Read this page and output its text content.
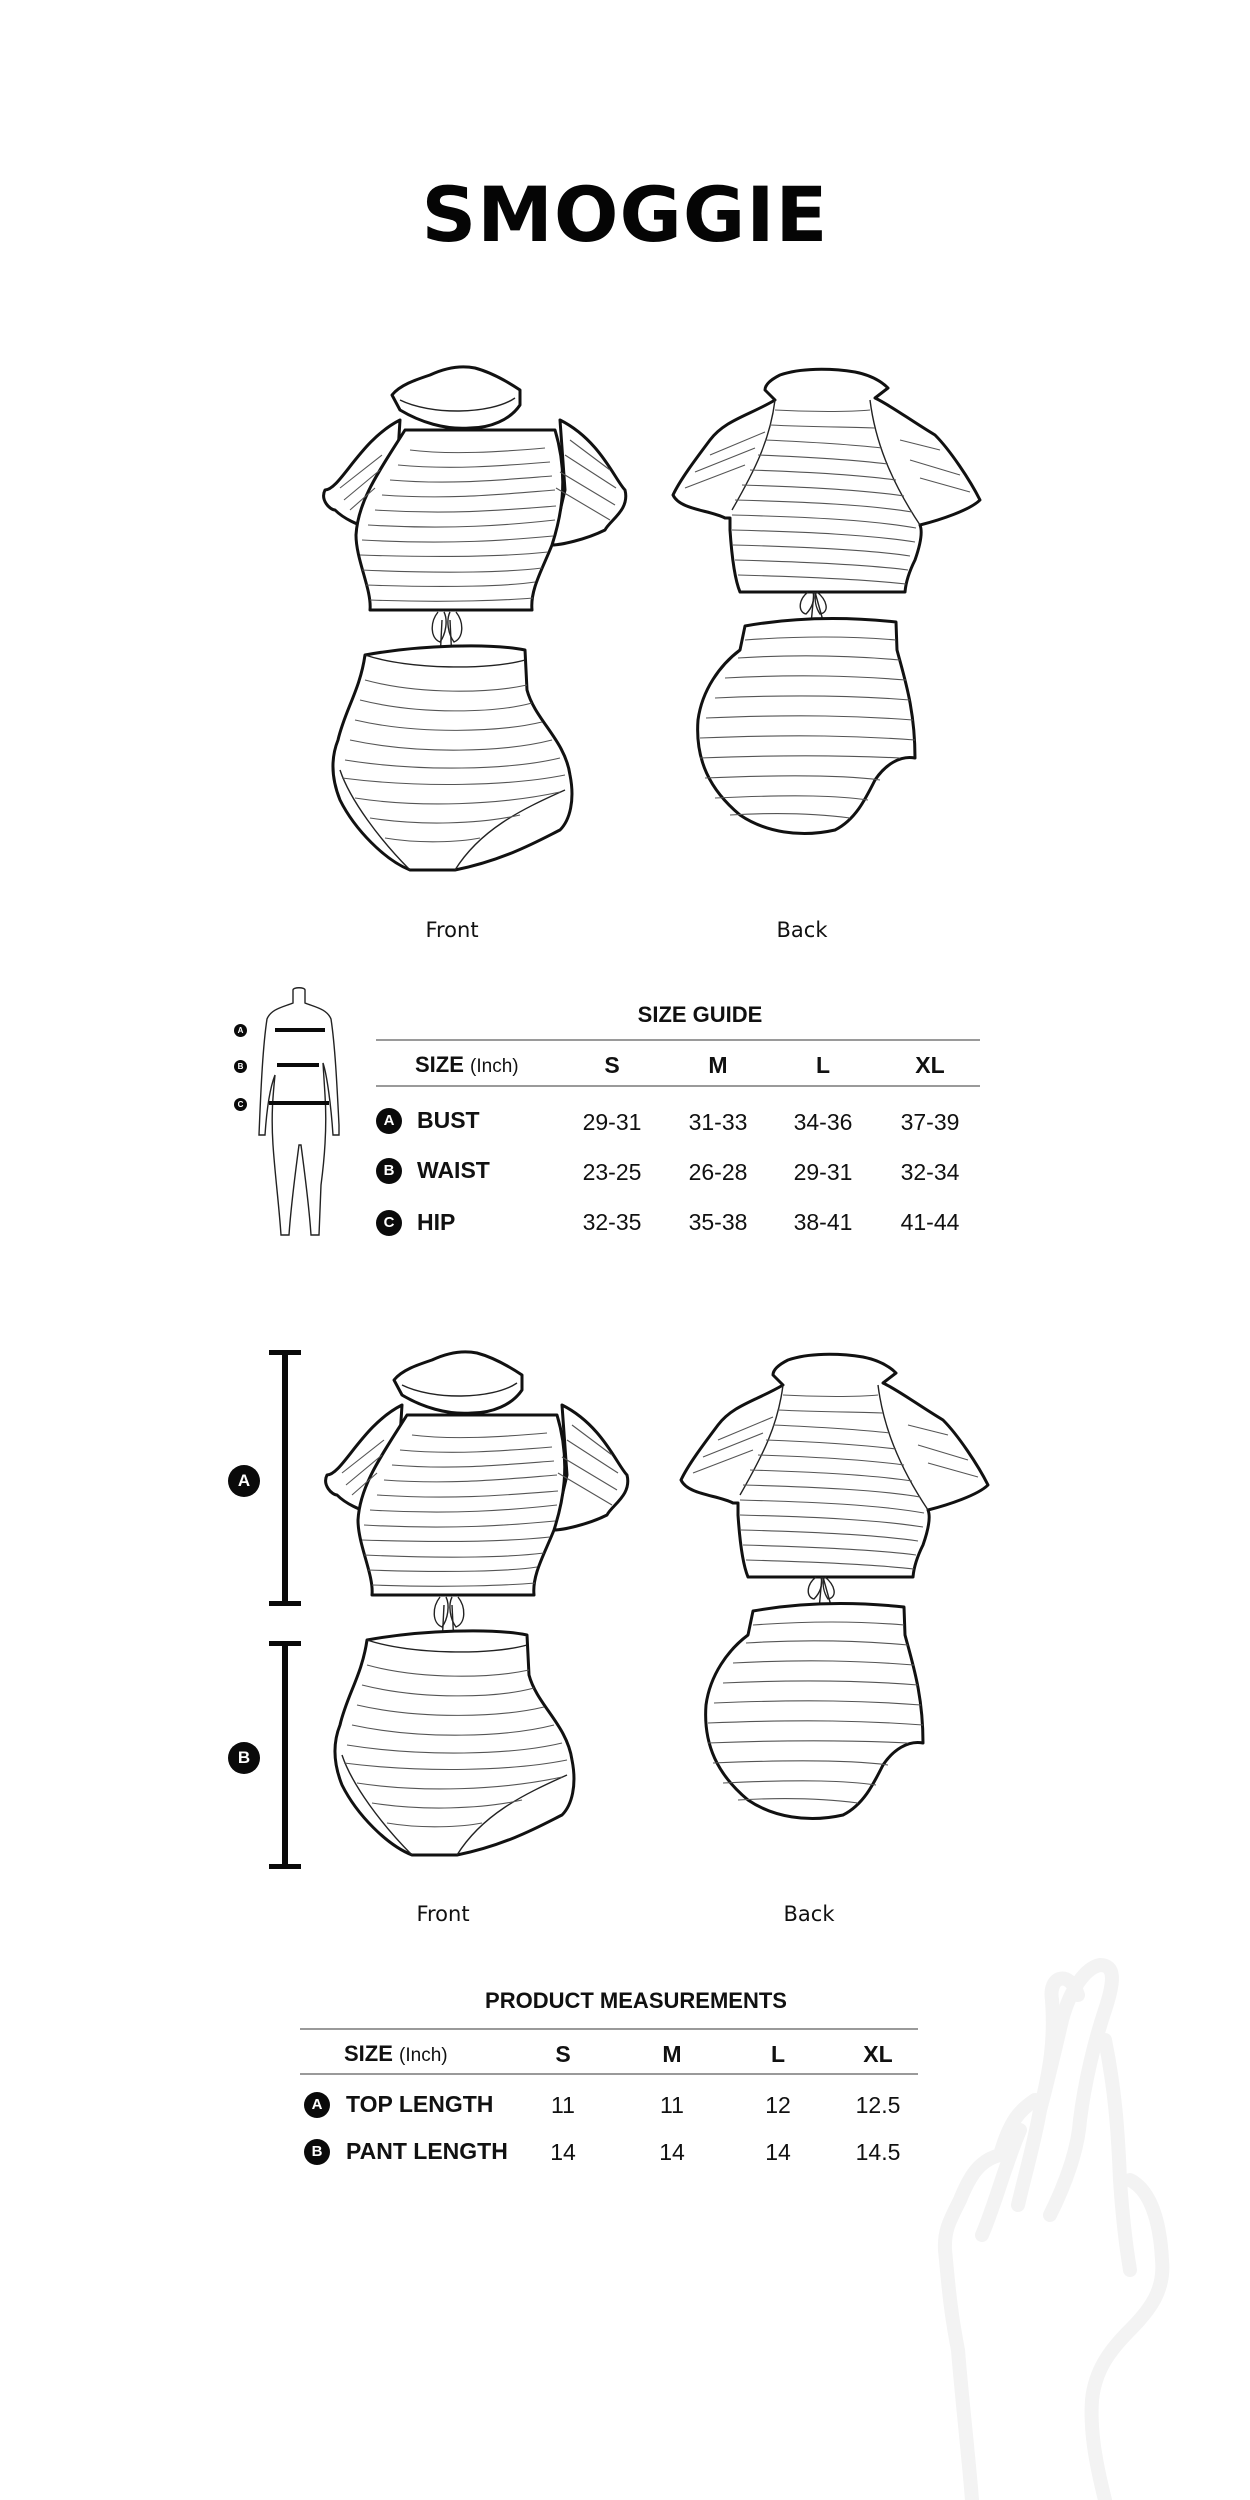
SMOGGIE
Front	Back
A
B
C
SIZE GUIDE
SIZE (Inch)	S	M	L	XL
A BUST	29-31	31-33	34-36	37-39
B WAIST	23-25	26-28	29-31	32-34
C HIP	32-35	35-38	38-41	41-44
A
B
Front	Back
PRODUCT MEASUREMENTS
SIZE (Inch)	S	M	L	XL
A	TOP LENGTH	11	11	12	12.5
B	PANT LENGTH	14	14	14	14.5
